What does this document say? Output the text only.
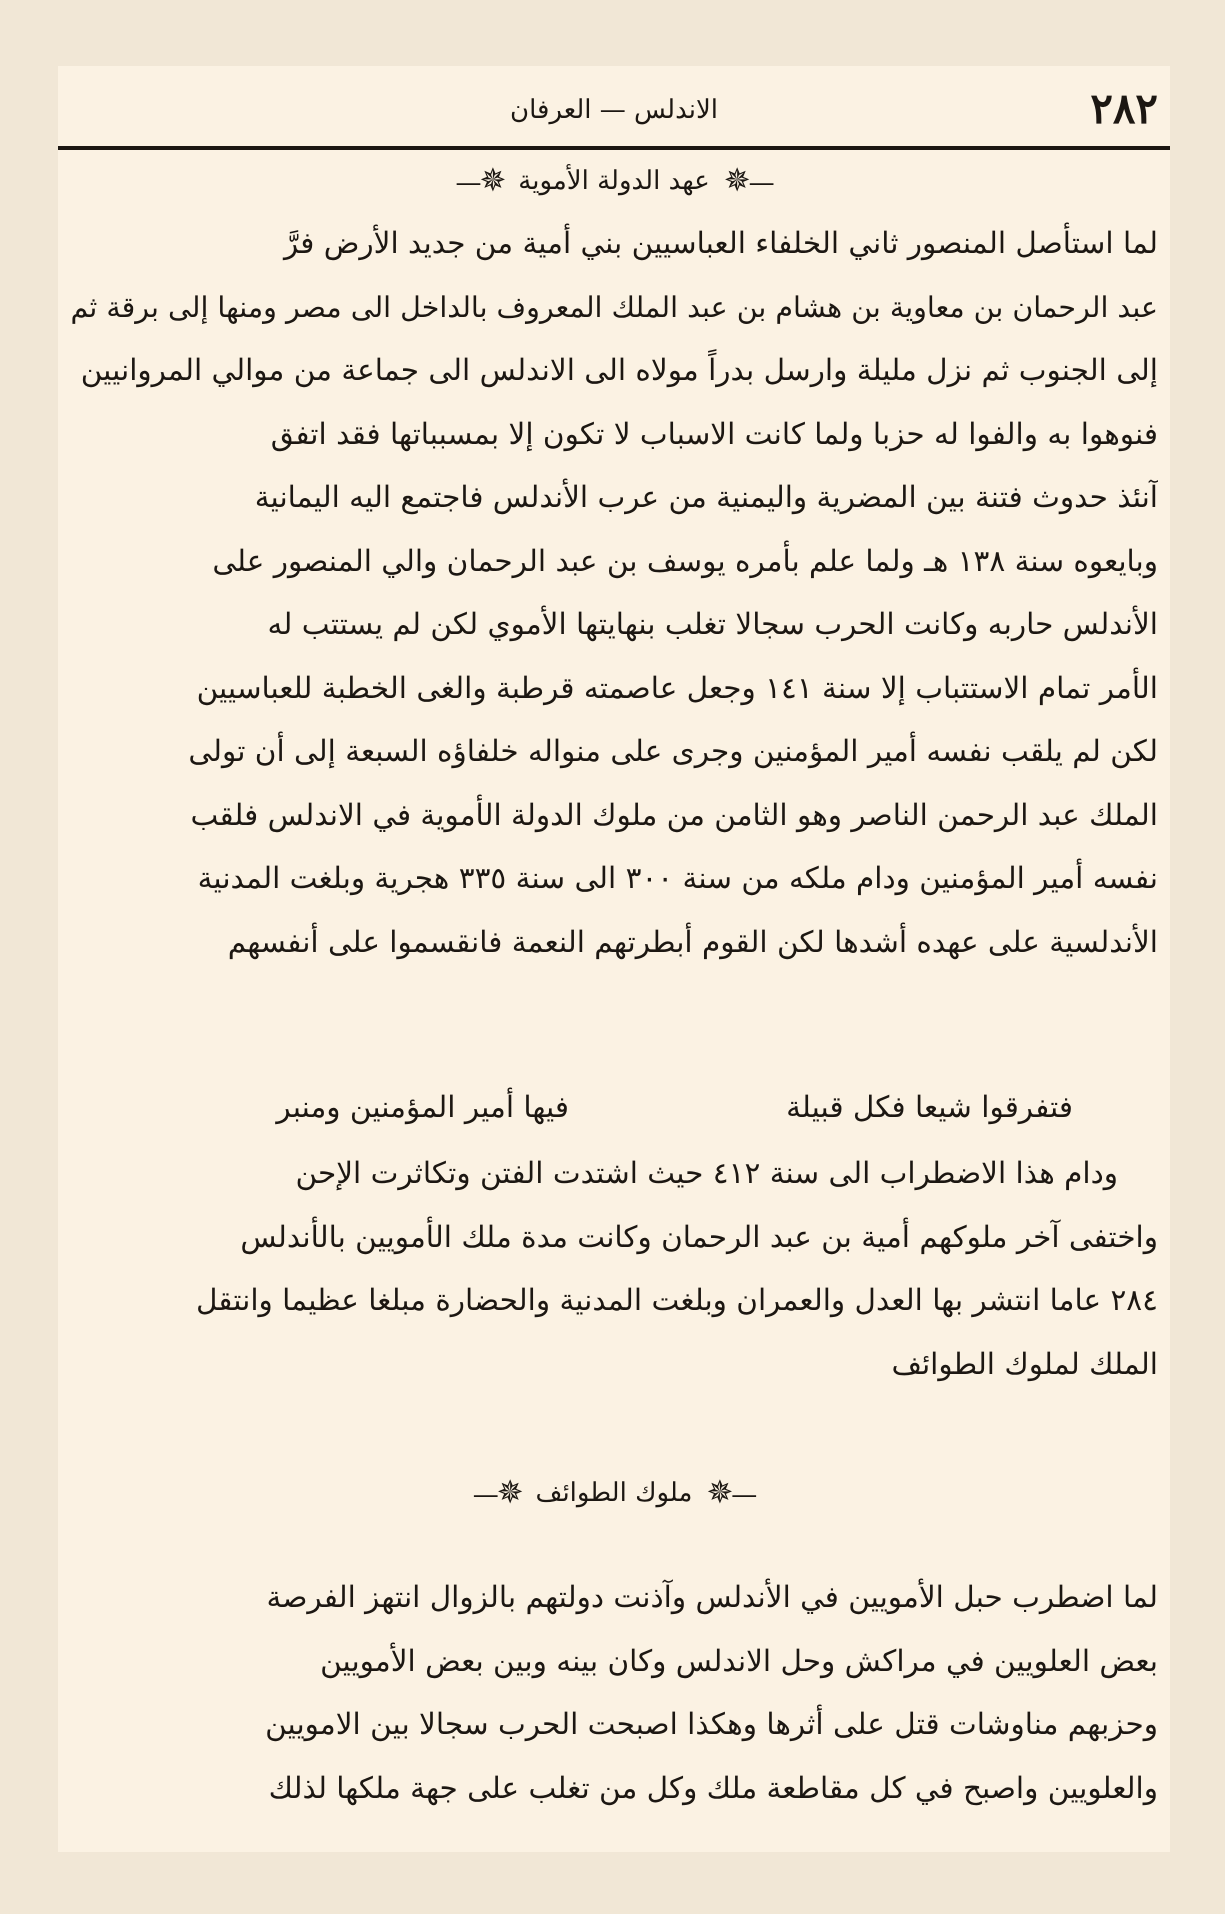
٢٨٢
الاندلس — العرفان
—✵
عهد الدولة الأموية
✵—
لما استأصل المنصور ثاني الخلفاء العباسيين بني أمية من جديد الأرض فرَّ
عبد الرحمان بن معاوية بن هشام بن عبد الملك المعروف بالداخل الى مصر ومنها إلى برقة ثم
إلى الجنوب ثم نزل مليلة وارسل بدراً مولاه الى الاندلس الى جماعة من موالي المروانيين
فنوهوا به والفوا له حزبا ولما كانت الاسباب لا تكون إلا بمسبباتها فقد اتفق
آنئذ حدوث فتنة بين المضرية واليمنية من عرب الأندلس فاجتمع اليه اليمانية
وبايعوه سنة ١٣٨ هـ ولما علم بأمره يوسف بن عبد الرحمان والي المنصور على
الأندلس حاربه وكانت الحرب سجالا تغلب بنهايتها الأموي لكن لم يستتب له
الأمر تمام الاستتباب إلا سنة ١٤١ وجعل عاصمته قرطبة والغى الخطبة للعباسيين
لكن لم يلقب نفسه أمير المؤمنين وجرى على منواله خلفاؤه السبعة إلى أن تولى
الملك عبد الرحمن الناصر وهو الثامن من ملوك الدولة الأموية في الاندلس فلقب
نفسه أمير المؤمنين ودام ملكه من سنة ٣٠٠ الى سنة ٣٣٥ هجرية وبلغت المدنية
الأندلسية على عهده أشدها لكن القوم أبطرتهم النعمة فانقسموا على أنفسهم
فتفرقوا شيعا فكل قبيلة
فيها أمير المؤمنين ومنبر
ودام هذا الاضطراب الى سنة ٤١٢ حيث اشتدت الفتن وتكاثرت الإحن
واختفى آخر ملوكهم أمية بن عبد الرحمان وكانت مدة ملك الأمويين بالأندلس
٢٨٤ عاما انتشر بها العدل والعمران وبلغت المدنية والحضارة مبلغا عظيما وانتقل
الملك لملوك الطوائف
—✵
ملوك الطوائف
✵—
لما اضطرب حبل الأمويين في الأندلس وآذنت دولتهم بالزوال انتهز الفرصة
بعض العلويين في مراكش وحل الاندلس وكان بينه وبين بعض الأمويين
وحزبهم مناوشات قتل على أثرها وهكذا اصبحت الحرب سجالا بين الامويين
والعلويين واصبح في كل مقاطعة ملك وكل من تغلب على جهة ملكها لذلك
